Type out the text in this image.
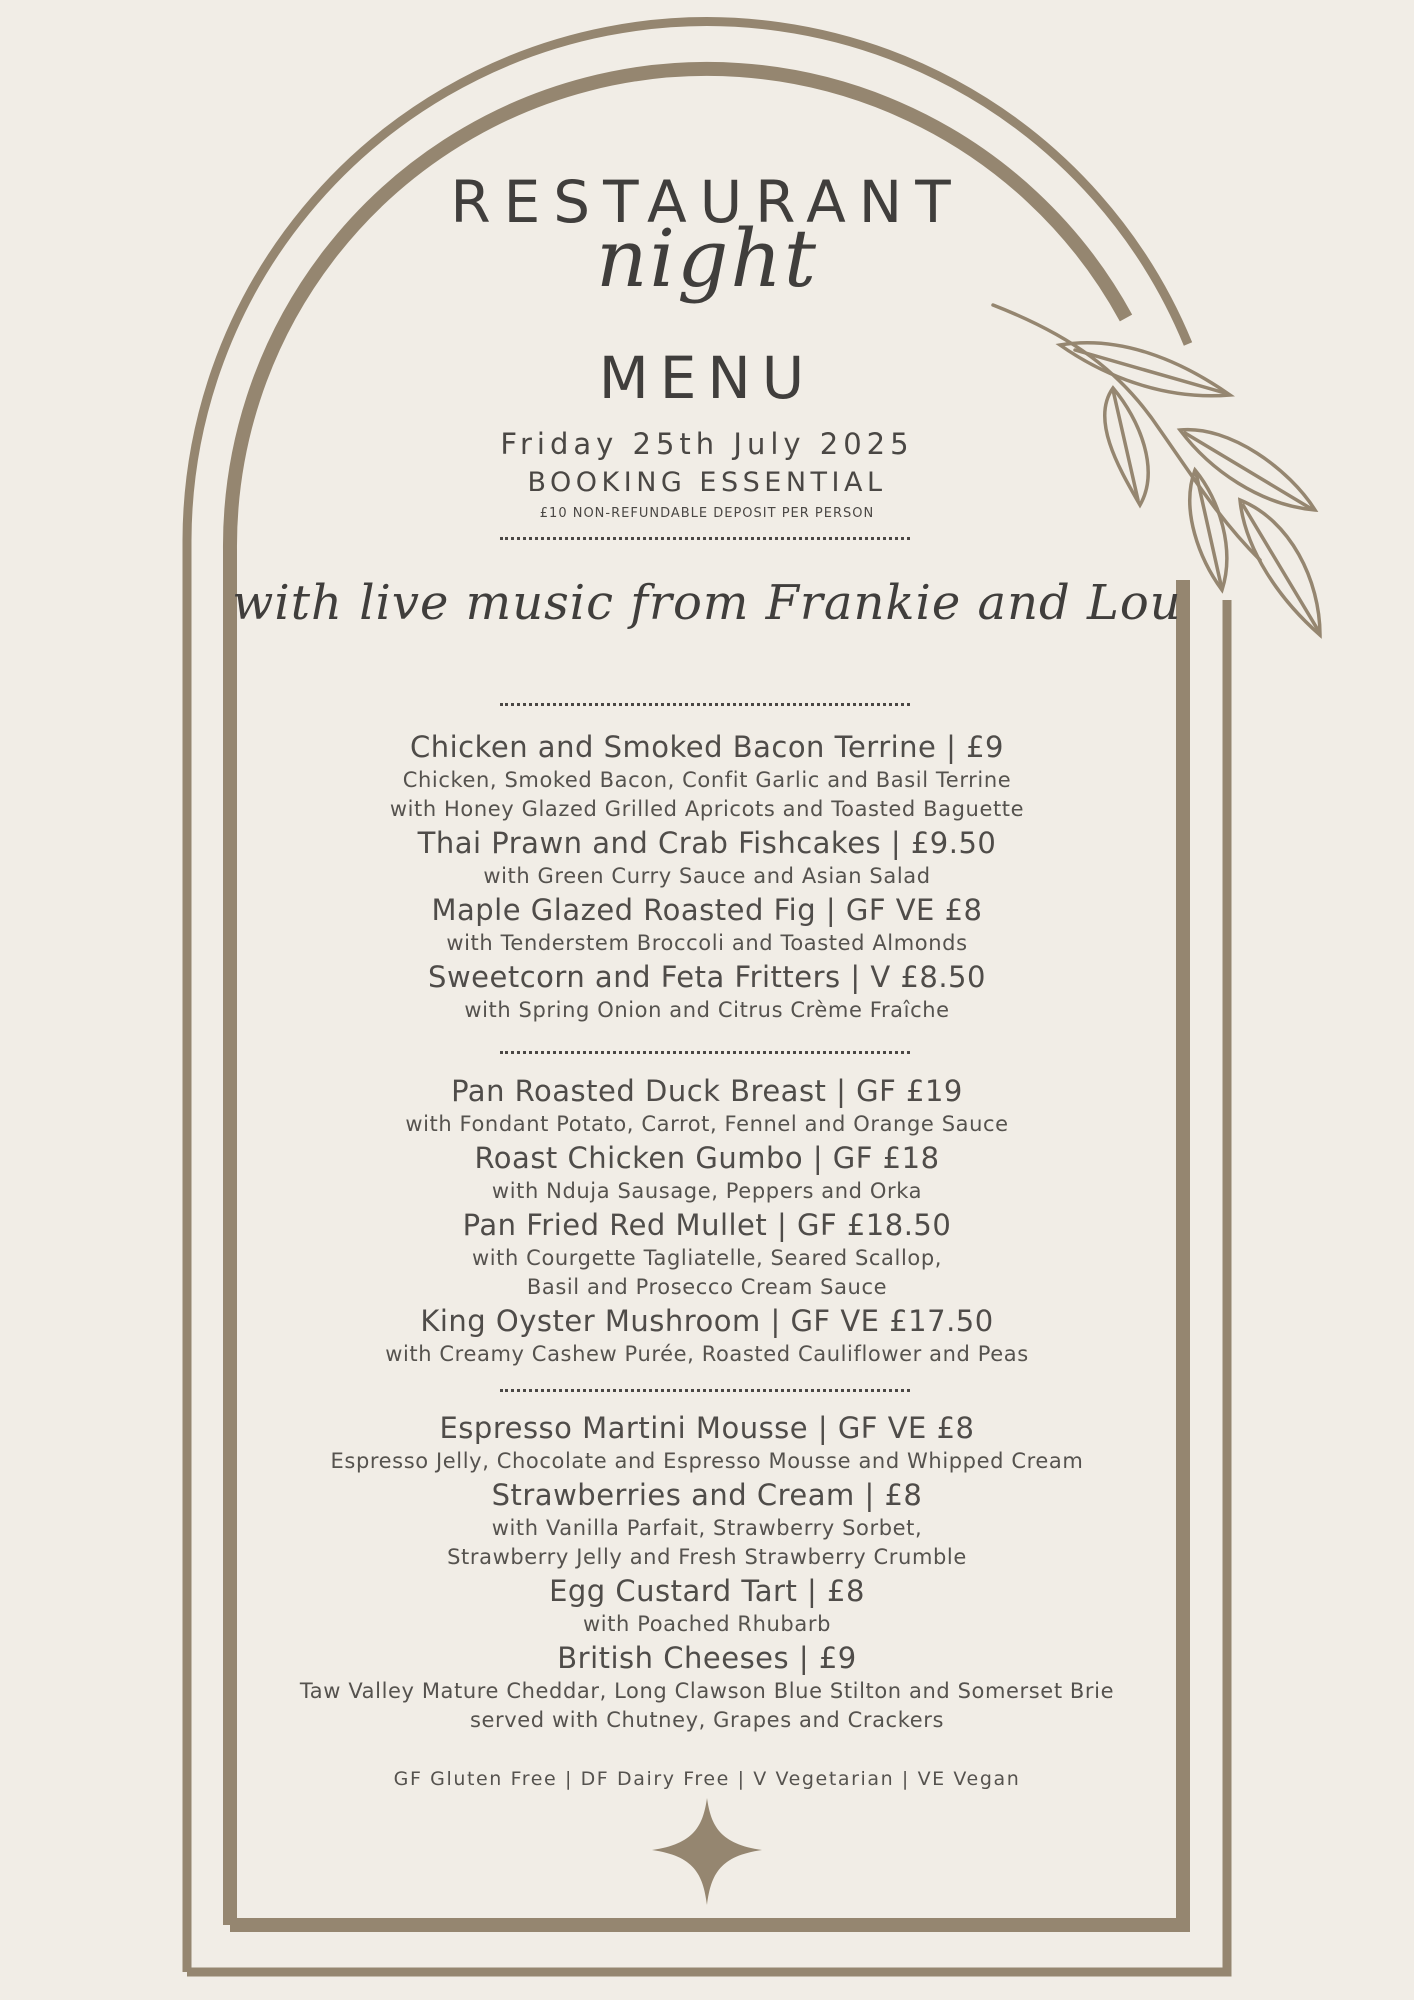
RESTAURANT
night
MENU
Friday 25th July 2025
BOOKING ESSENTIAL
£10 NON-REFUNDABLE DEPOSIT PER PERSON
with live music from Frankie and Lou
Chicken and Smoked Bacon Terrine | £9
Chicken, Smoked Bacon, Confit Garlic and Basil Terrine
with Honey Glazed Grilled Apricots and Toasted Baguette
Thai Prawn and Crab Fishcakes | £9.50
with Green Curry Sauce and Asian Salad
Maple Glazed Roasted Fig | GF VE £8
with Tenderstem Broccoli and Toasted Almonds
Sweetcorn and Feta Fritters | V £8.50
with Spring Onion and Citrus Crème Fraîche
Pan Roasted Duck Breast | GF £19
with Fondant Potato, Carrot, Fennel and Orange Sauce
Roast Chicken Gumbo | GF £18
with Nduja Sausage, Peppers and Orka
Pan Fried Red Mullet | GF £18.50
with Courgette Tagliatelle, Seared Scallop,
Basil and Prosecco Cream Sauce
King Oyster Mushroom | GF VE £17.50
with Creamy Cashew Purée, Roasted Cauliflower and Peas
Espresso Martini Mousse | GF VE £8
Espresso Jelly, Chocolate and Espresso Mousse and Whipped Cream
Strawberries and Cream | £8
with Vanilla Parfait, Strawberry Sorbet,
Strawberry Jelly and Fresh Strawberry Crumble
Egg Custard Tart | £8
with Poached Rhubarb
British Cheeses | £9
Taw Valley Mature Cheddar, Long Clawson Blue Stilton and Somerset Brie
served with Chutney, Grapes and Crackers
GF Gluten Free | DF Dairy Free | V Vegetarian | VE Vegan
